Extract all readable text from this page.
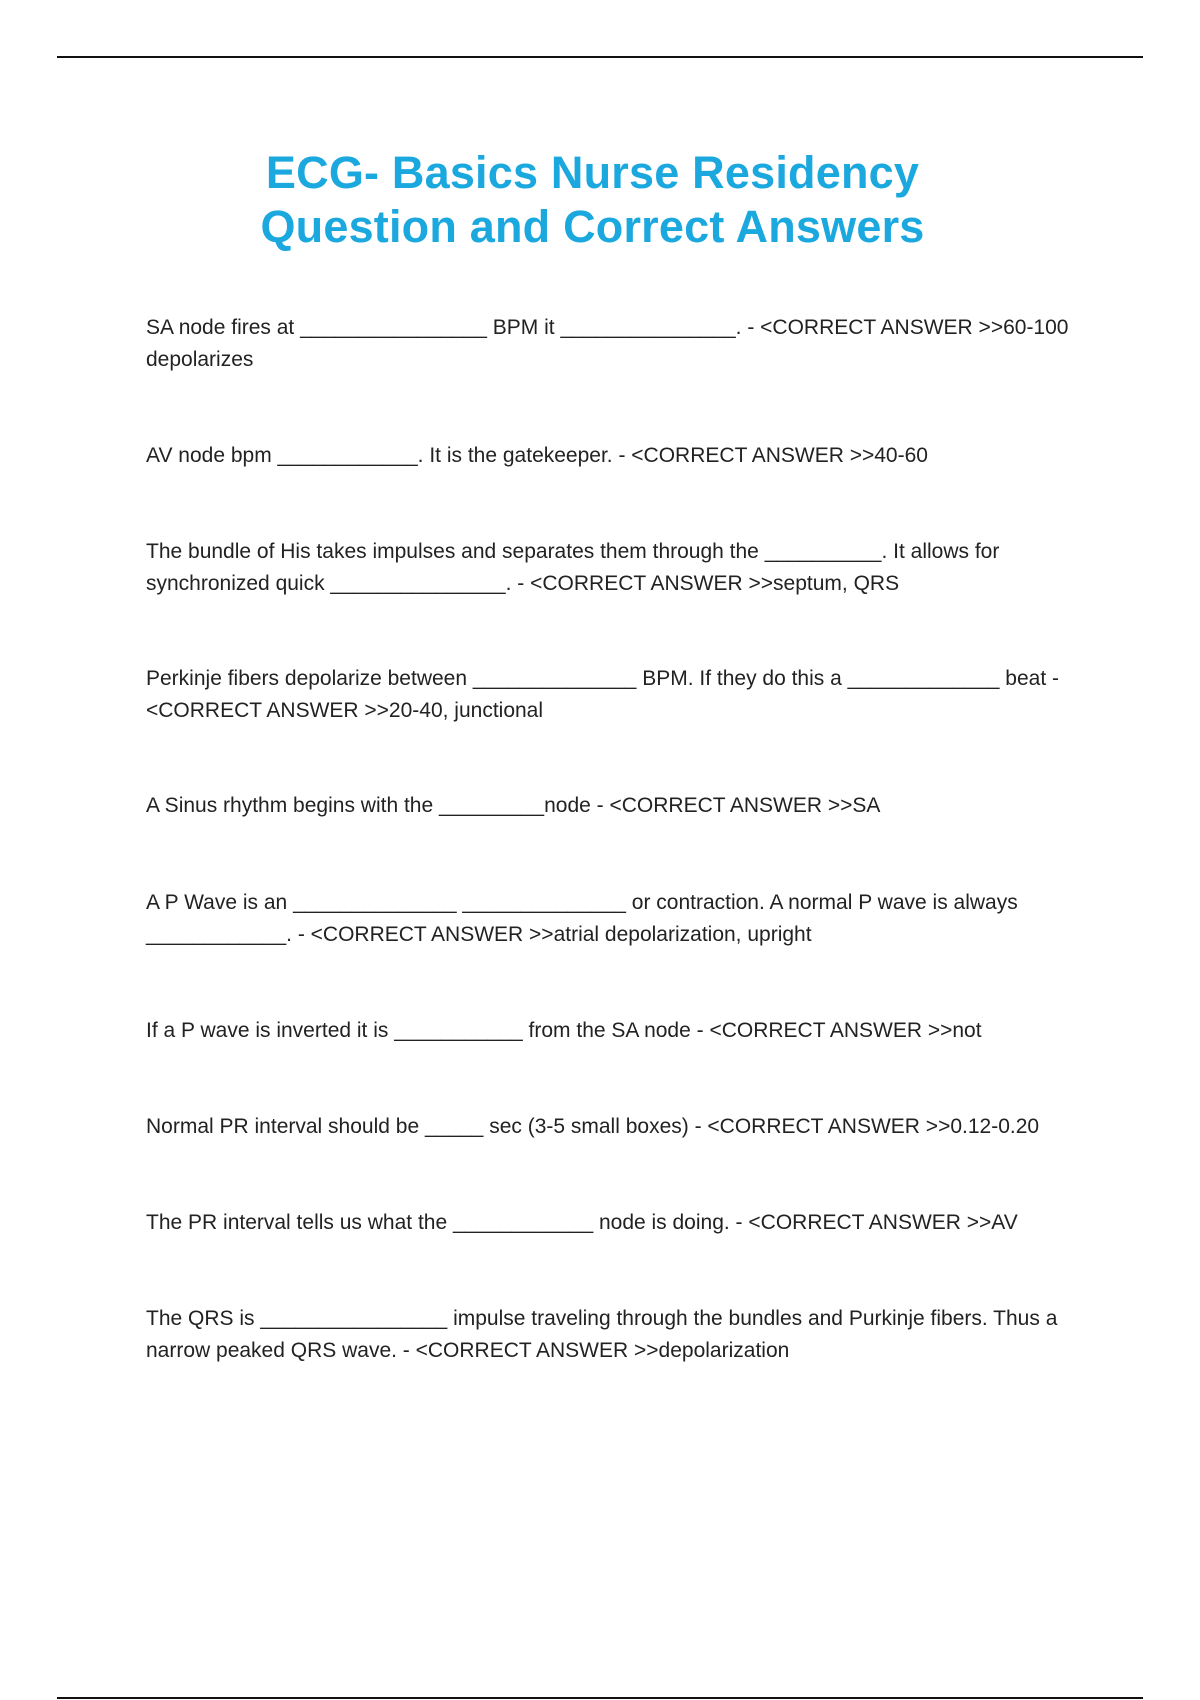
ECG- Basics Nurse Residency
Question and Correct Answers
SA node fires at ________________ BPM it _______________. - <CORRECT ANSWER >>60-100 depolarizes
AV node bpm ____________. It is the gatekeeper. - <CORRECT ANSWER >>40-60
The bundle of His takes impulses and separates them through the __________. It allows for synchronized quick _______________. - <CORRECT ANSWER >>septum, QRS
Perkinje fibers depolarize between ______________ BPM. If they do this a _____________ beat - <CORRECT ANSWER >>20-40, junctional
A Sinus rhythm begins with the _________node - <CORRECT ANSWER >>SA
A P Wave is an ______________ ______________ or contraction. A normal P wave is always ____________. - <CORRECT ANSWER >>atrial depolarization, upright
If a P wave is inverted it is ___________ from the SA node - <CORRECT ANSWER >>not
Normal PR interval should be _____ sec (3-5 small boxes) - <CORRECT ANSWER >>0.12-0.20
The PR interval tells us what the ____________ node is doing. - <CORRECT ANSWER >>AV
The QRS is ________________ impulse traveling through the bundles and Purkinje fibers. Thus a narrow peaked QRS wave. - <CORRECT ANSWER >>depolarization
